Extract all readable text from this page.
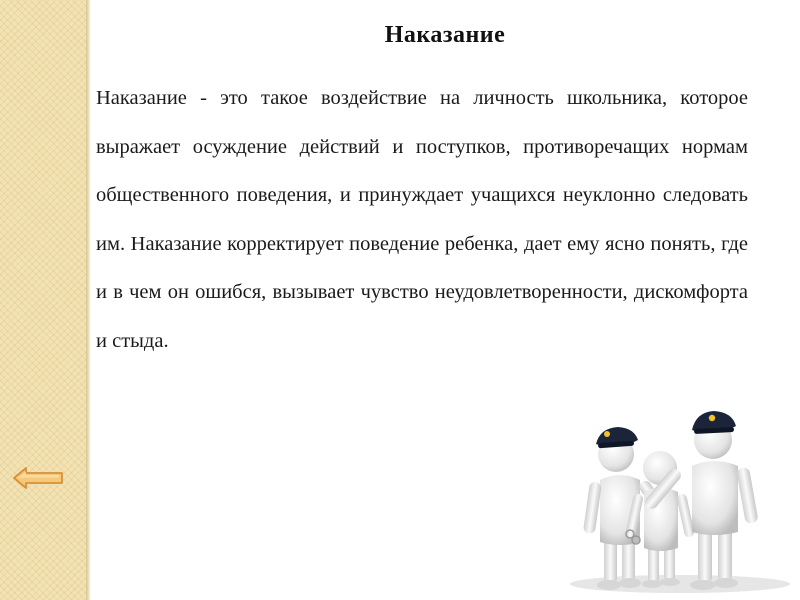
Наказание

Наказание - это такое воздействие на личность школьника, которое выражает осуждение действий и поступков, противоречащих нормам общественного поведения, и принуждает учащихся неуклонно следовать им. Наказание корректирует поведение ребенка, дает ему ясно понять, где и в чем он ошибся, вызывает чувство неудовлетворенности, дискомфорта и стыда.
